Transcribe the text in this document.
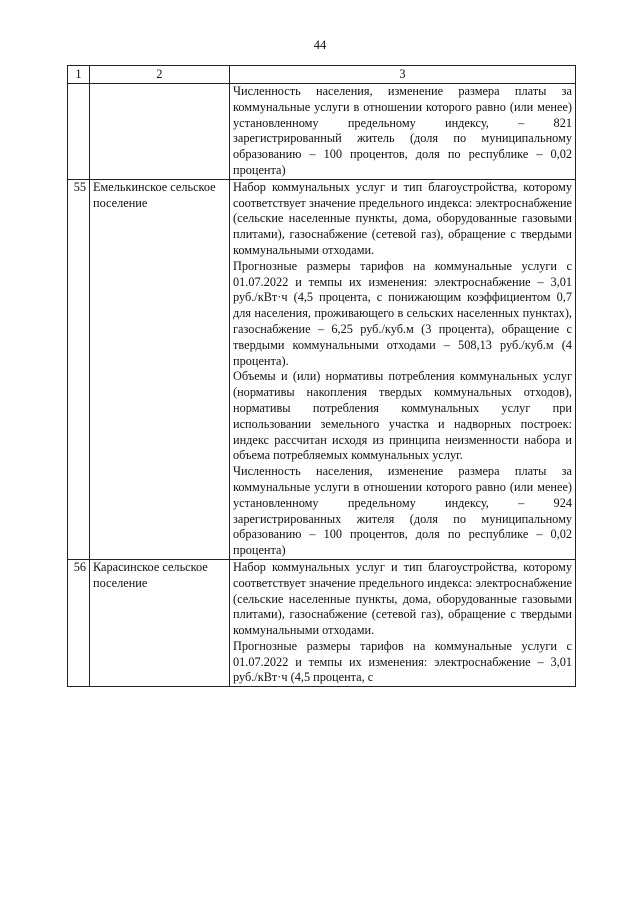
44
1	2	3

		Численность населения, изменение размера платы за коммунальные услуги в отношении которого равно (или менее) установленному предельному индексу, – 821 зарегистрированный житель (доля по муниципальному образованию – 100 процентов, доля по республике – 0,02 процента)

55	Емелькинское сельское поселение	Набор коммунальных услуг и тип благоустройства, которому соответствует значение предельного индекса: электроснабжение (сельские населенные пункты, дома, оборудованные газовыми плитами), газоснабжение (сетевой газ), обращение с твердыми коммунальными отходами.

Прогнозные размеры тарифов на коммунальные услуги с 01.07.2022 и темпы их изменения: электроснабжение – 3,01 руб./кВт·ч (4,5 процента, с понижающим коэффициентом 0,7 для населения, проживающего в сельских населенных пунктах), газоснабжение – 6,25 руб./куб.м (3 процента), обращение с твердыми коммунальными отходами – 508,13 руб./куб.м (4 процента).

Объемы и (или) нормативы потребления коммунальных услуг (нормативы накопления твердых коммунальных отходов), нормативы потребления коммунальных услуг при использовании земельного участка и надворных построек: индекс рассчитан исходя из принципа неизменности набора и объема потребляемых коммунальных услуг.

Численность населения, изменение размера платы за коммунальные услуги в отношении которого равно (или менее) установленному предельному индексу, – 924 зарегистрированных жителя (доля по муниципальному образованию – 100 процентов, доля по республике – 0,02 процента)

56	Карасинское сельское поселение	Набор коммунальных услуг и тип благоустройства, которому соответствует значение предельного индекса: электроснабжение (сельские населенные пункты, дома, оборудованные газовыми плитами), газоснабжение (сетевой газ), обращение с твердыми коммунальными отходами.

Прогнозные размеры тарифов на коммунальные услуги с 01.07.2022 и темпы их изменения: электроснабжение – 3,01 руб./кВт·ч (4,5 процента, с
